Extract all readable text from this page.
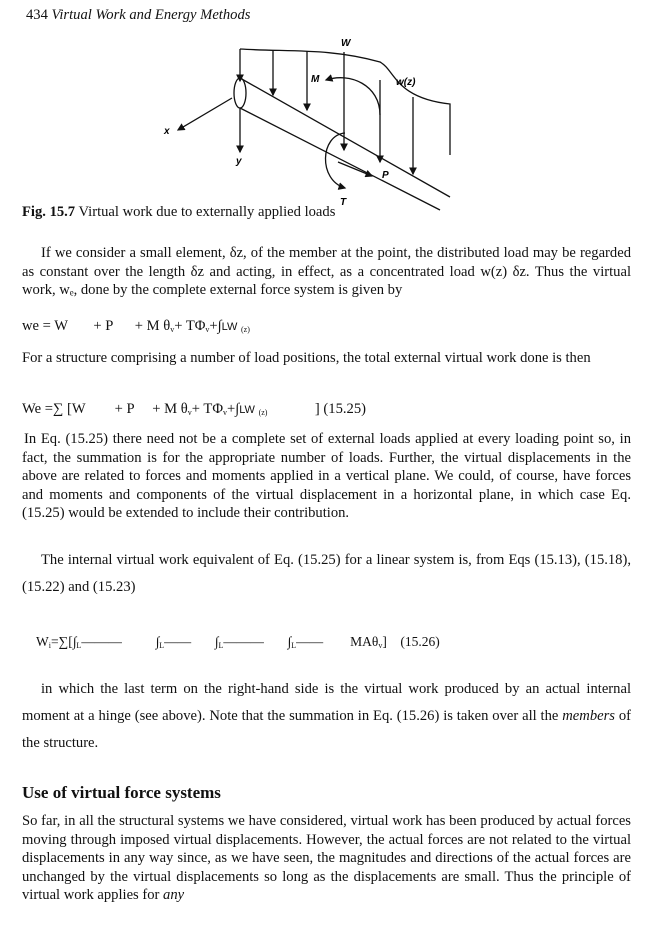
434 Virtual Work and Energy Methods
W
M	w(z)
x
y
P
T
Fig. 15.7 Virtual work due to externally applied loads
If we consider a small element, δz, of the member at the point, the distributed load may be regarded as constant over the length δz and acting, in effect, as a concentrated load w(z) δz. Thus the virtual work, wₑ, done by the complete external force system is given by
we = W + P + M $\theta_v+ T\Phi_v+\int LW$ $_{(z)}$
For a structure comprising a number of load positions, the total external virtual work done is then
We =∑ [W + P + M $\theta_v+ T\Phi_v+\int LW$ $_{(z)}$	] (15.25)
In Eq. (15.25) there need not be a complete set of external loads applied at every loading point so, in fact, the summation is for the appropriate number of loads. Further, the virtual displacements in the above are related to forces and moments applied in a vertical plane. We could, of course, have forces and moments and components of the virtual displacement in a horizontal plane, in which case Eq. (15.25) would be extended to include their contribution.
The internal virtual work equivalent of Eq. (15.25) for a linear system is, from Eqs (15.13), (15.18), (15.22) and (15.23)
$W_i=\sum[\int_L———$          $\int_L——$       $\int_L———$       $\int_L——$        MAθ$_v$] (15.26)
in which the last term on the right-hand side is the virtual work produced by an actual internal moment at a hinge (see above). Note that the summation in Eq. (15.26) is taken over all the members of the structure.
Use of virtual force systems
So far, in all the structural systems we have considered, virtual work has been produced by actual forces moving through imposed virtual displacements. However, the actual forces are not related to the virtual displacements in any way since, as we have seen, the magnitudes and directions of the actual forces are unchanged by the virtual displacements so long as the displacements are small. Thus the principle of virtual work applies for any
